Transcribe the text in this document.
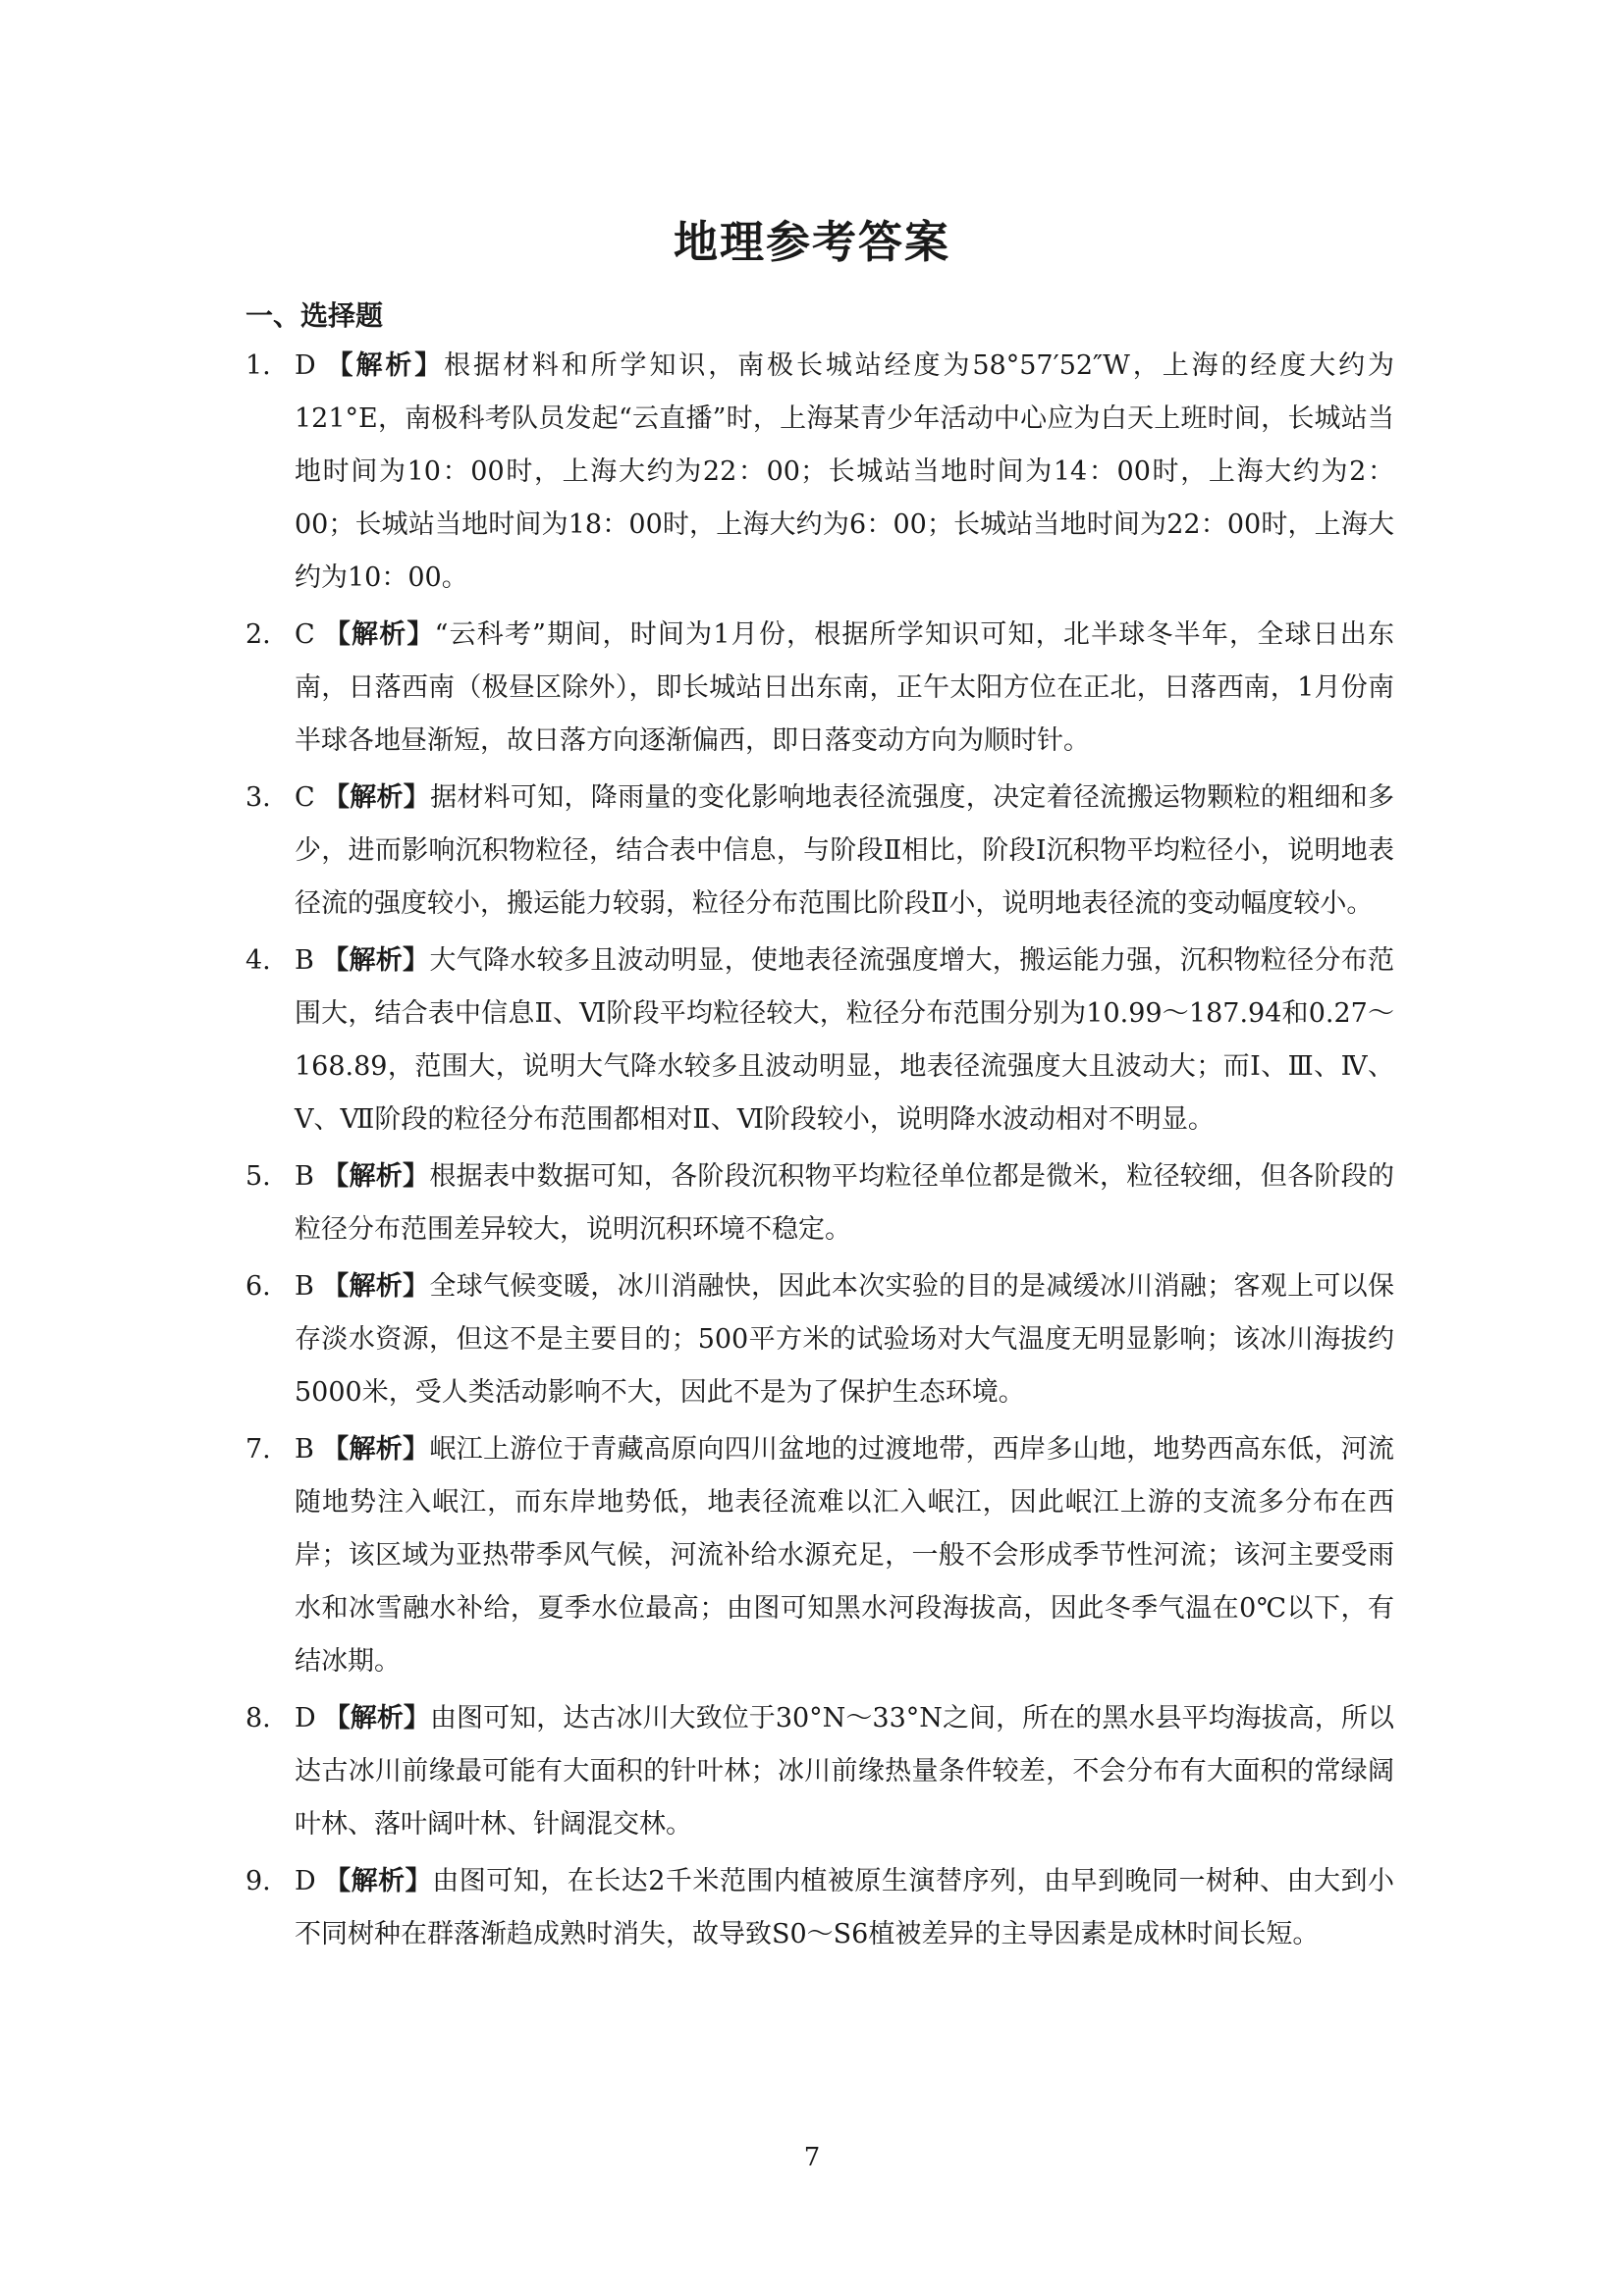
地理参考答案
一、选择题
1. D 【解析】根据材料和所学知识，南极长城站经度为58°57′52″W，上海的经度大约为121°E，南极科考队员发起“云直播”时，上海某青少年活动中心应为白天上班时间，长城站当地时间为10：00时，上海大约为22：00；长城站当地时间为14：00时，上海大约为2：00；长城站当地时间为18：00时，上海大约为6：00；长城站当地时间为22：00时，上海大约为10：00。
2. C 【解析】“云科考”期间，时间为1月份，根据所学知识可知，北半球冬半年，全球日出东南，日落西南（极昼区除外），即长城站日出东南，正午太阳方位在正北，日落西南，1月份南半球各地昼渐短，故日落方向逐渐偏西，即日落变动方向为顺时针。
3. C 【解析】据材料可知，降雨量的变化影响地表径流强度，决定着径流搬运物颗粒的粗细和多少，进而影响沉积物粒径，结合表中信息，与阶段Ⅱ相比，阶段Ⅰ沉积物平均粒径小，说明地表径流的强度较小，搬运能力较弱，粒径分布范围比阶段Ⅱ小，说明地表径流的变动幅度较小。
4. B 【解析】大气降水较多且波动明显，使地表径流强度增大，搬运能力强，沉积物粒径分布范围大，结合表中信息Ⅱ、Ⅵ阶段平均粒径较大，粒径分布范围分别为10.99～187.94和0.27～168.89，范围大，说明大气降水较多且波动明显，地表径流强度大且波动大；而Ⅰ、Ⅲ、Ⅳ、Ⅴ、Ⅶ阶段的粒径分布范围都相对Ⅱ、Ⅵ阶段较小，说明降水波动相对不明显。
5. B 【解析】根据表中数据可知，各阶段沉积物平均粒径单位都是微米，粒径较细，但各阶段的粒径分布范围差异较大，说明沉积环境不稳定。
6. B 【解析】全球气候变暖，冰川消融快，因此本次实验的目的是减缓冰川消融；客观上可以保存淡水资源，但这不是主要目的；500平方米的试验场对大气温度无明显影响；该冰川海拔约5000米，受人类活动影响不大，因此不是为了保护生态环境。
7. B 【解析】岷江上游位于青藏高原向四川盆地的过渡地带，西岸多山地，地势西高东低，河流随地势注入岷江，而东岸地势低，地表径流难以汇入岷江，因此岷江上游的支流多分布在西岸；该区域为亚热带季风气候，河流补给水源充足，一般不会形成季节性河流；该河主要受雨水和冰雪融水补给，夏季水位最高；由图可知黑水河段海拔高，因此冬季气温在0℃以下，有结冰期。
8. D 【解析】由图可知，达古冰川大致位于30°N～33°N之间，所在的黑水县平均海拔高，所以达古冰川前缘最可能有大面积的针叶林；冰川前缘热量条件较差，不会分布有大面积的常绿阔叶林、落叶阔叶林、针阔混交林。
9. D 【解析】由图可知，在长达2千米范围内植被原生演替序列，由早到晚同一树种、由大到小不同树种在群落渐趋成熟时消失，故导致S0～S6植被差异的主导因素是成林时间长短。
7
